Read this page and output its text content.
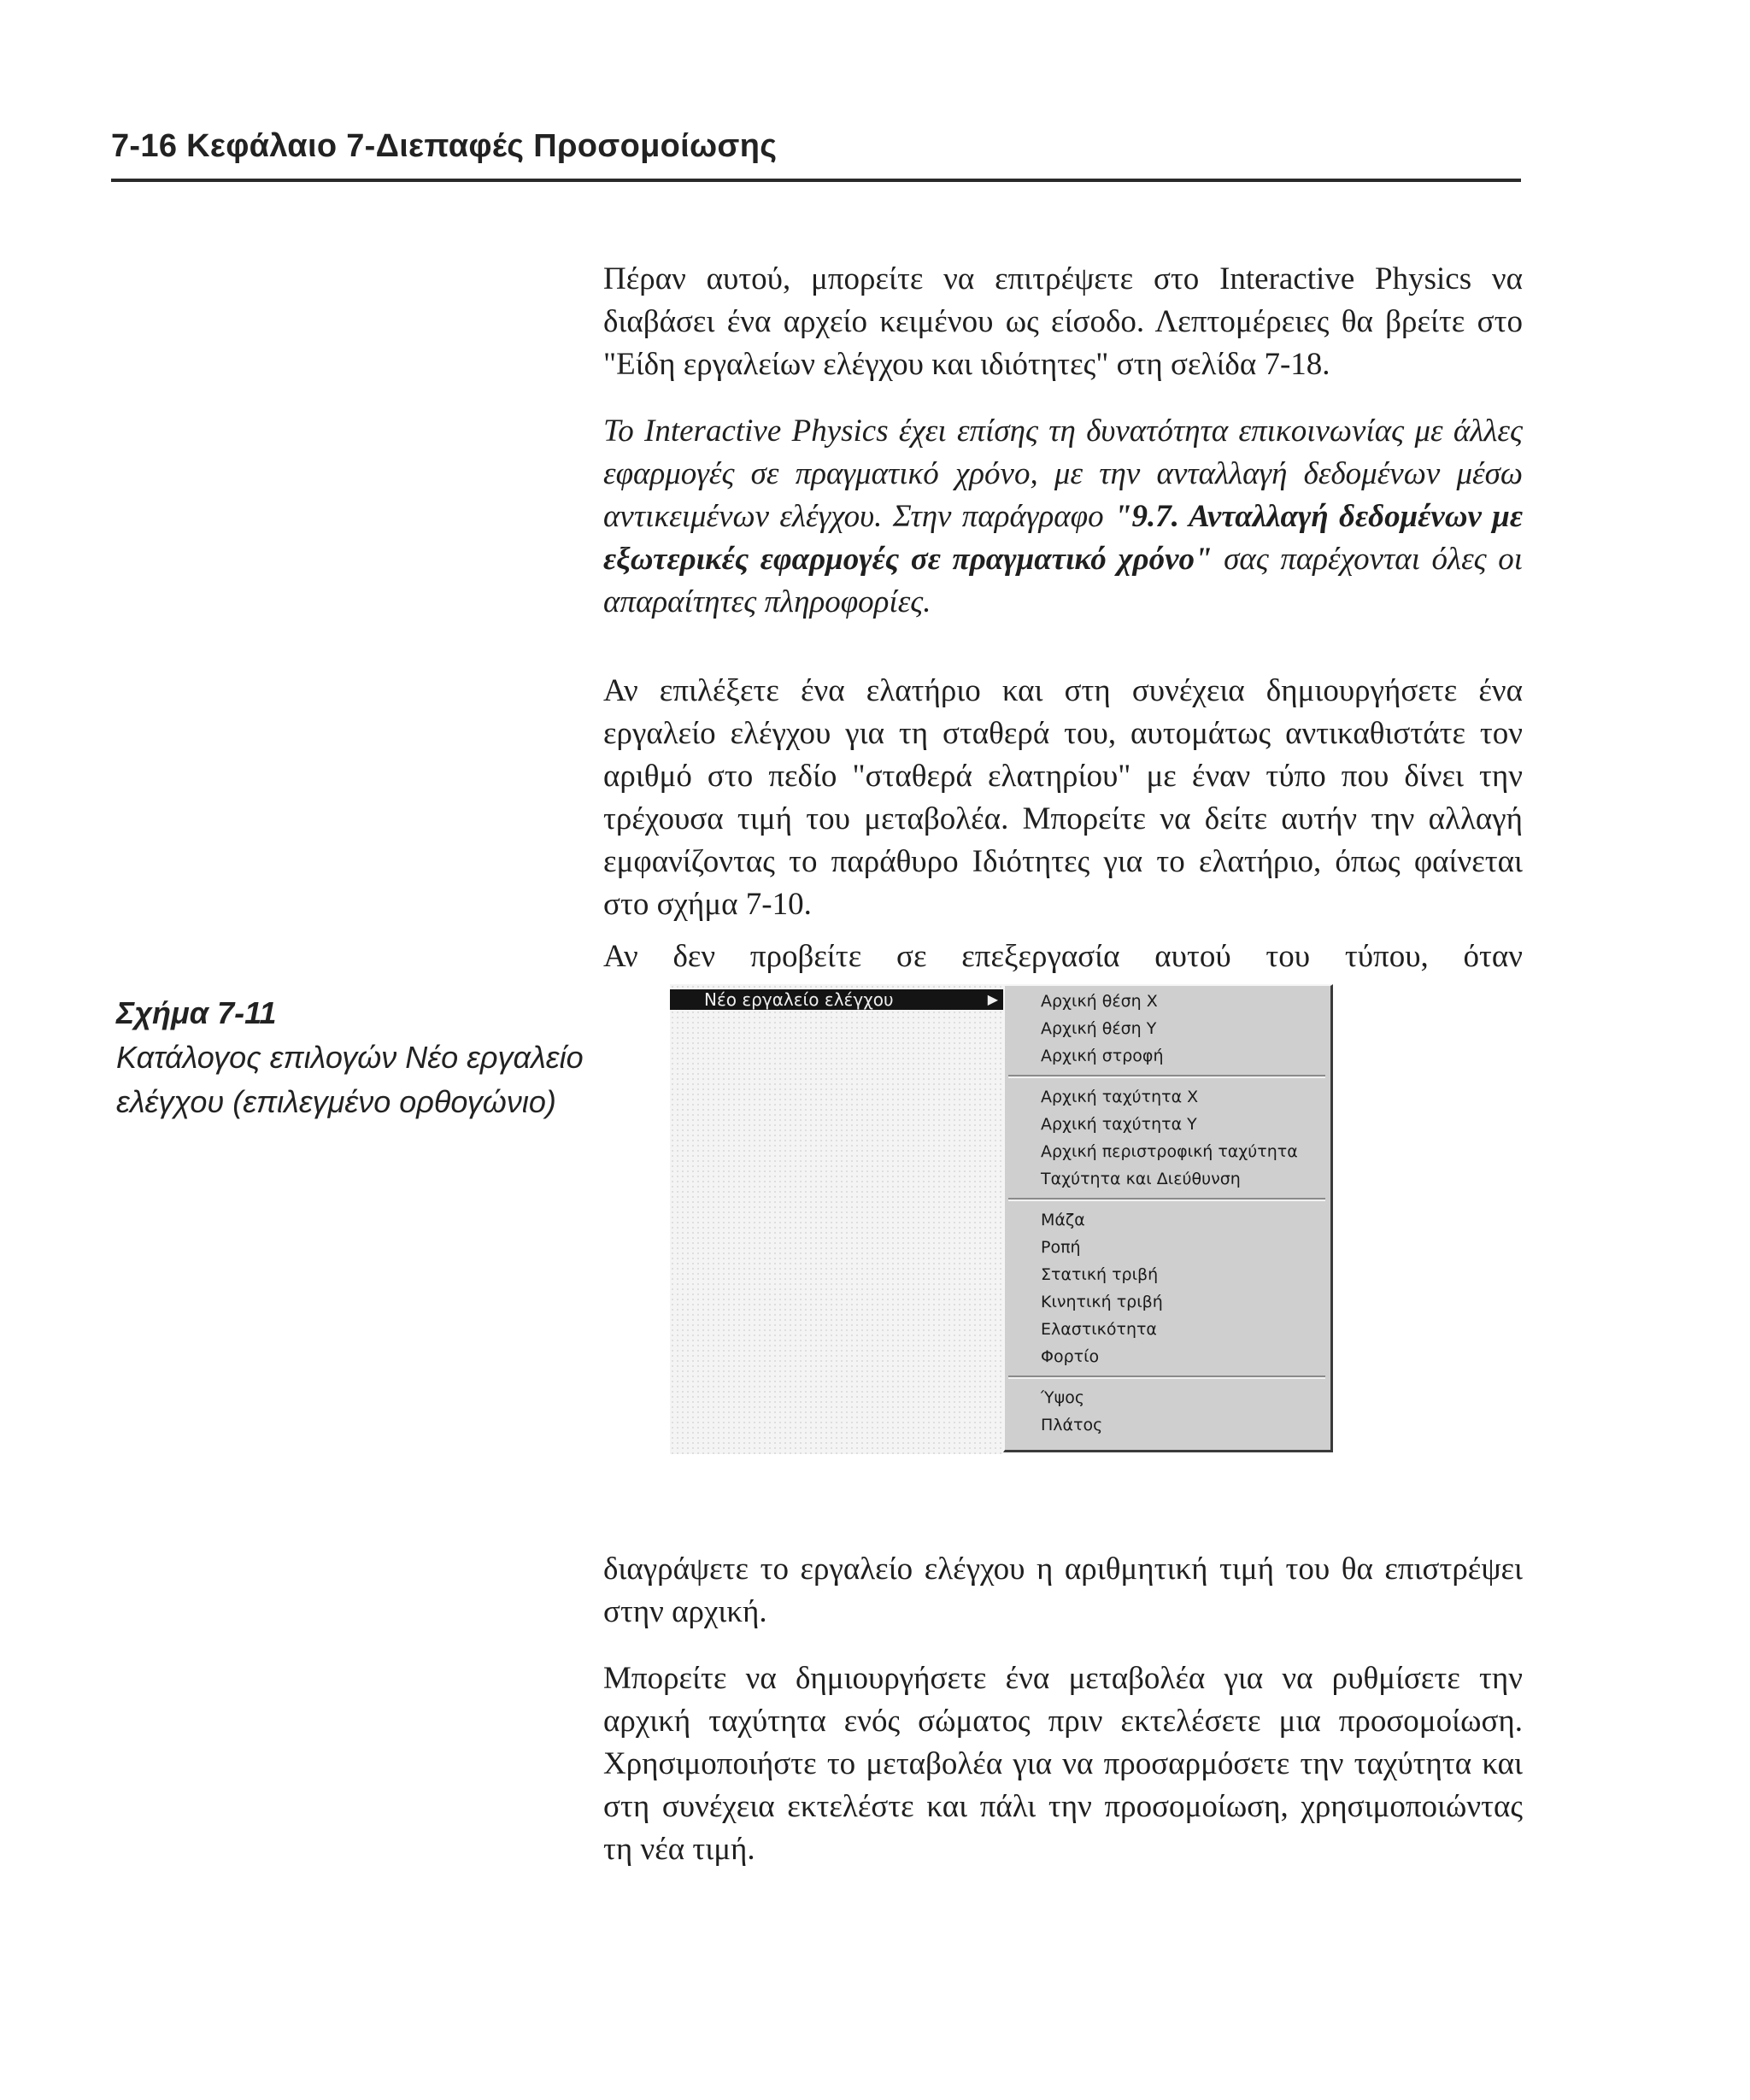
7-16 Κεφάλαιο 7-Διεπαφές Προσομοίωσης

Πέραν αυτού, μπορείτε να επιτρέψετε στο Interactive Physics να διαβάσει ένα αρχείο κειμένου ως είσοδο. Λεπτομέρειες θα βρείτε στο "Είδη εργαλείων ελέγχου και ιδιότητες" στη σελίδα 7-18.

Το Interactive Physics έχει επίσης τη δυνατότητα επικοινωνίας με άλλες εφαρμογές σε πραγματικό χρόνο, με την ανταλλαγή δεδομένων μέσω αντικειμένων ελέγχου. Στην παράγραφο "9.7. Ανταλλαγή δεδομένων με εξωτερικές εφαρμογές σε πραγματικό χρόνο" σας παρέχονται όλες οι απαραίτητες πληροφορίες.

Αν επιλέξετε ένα ελατήριο και στη συνέχεια δημιουργήσετε ένα εργαλείο ελέγχου για τη σταθερά του, αυτομάτως αντικαθιστάτε τον αριθμό στο πεδίο "σταθερά ελατηρίου" με έναν τύπο που δίνει την τρέχουσα τιμή του μεταβολέα. Μπορείτε να δείτε αυτήν την αλλαγή εμφανίζοντας το παράθυρο Ιδιότητες για το ελατήριο, όπως φαίνεται στο σχήμα 7-10.

Αν δεν προβείτε σε επεξεργασία αυτού του τύπου, όταν

Σχήμα 7-11
Κατάλογος επιλογών Νέο εργαλείο ελέγχου (επιλεγμένο ορθογώνιο)
Νέο εργαλείο ελέγχου	▶	Αρχική θέση X
Αρχική θέση Y
Αρχική στροφή
Αρχική ταχύτητα X
Αρχική ταχύτητα Y
Αρχική περιστροφική ταχύτητα
Ταχύτητα και Διεύθυνση
Μάζα
Ροπή
Στατική τριβή
Κινητική τριβή
Ελαστικότητα
Φορτίο
Ύψος
Πλάτος

διαγράψετε το εργαλείο ελέγχου η αριθμητική τιμή του θα επιστρέψει στην αρχική.

Μπορείτε να δημιουργήσετε ένα μεταβολέα για να ρυθμίσετε την αρχική ταχύτητα ενός σώματος πριν εκτελέσετε μια προσομοίωση. Χρησιμοποιήστε το μεταβολέα για να προσαρμόσετε την ταχύτητα και στη συνέχεια εκτελέστε και πάλι την προσομοίωση, χρησιμοποιώντας τη νέα τιμή.
